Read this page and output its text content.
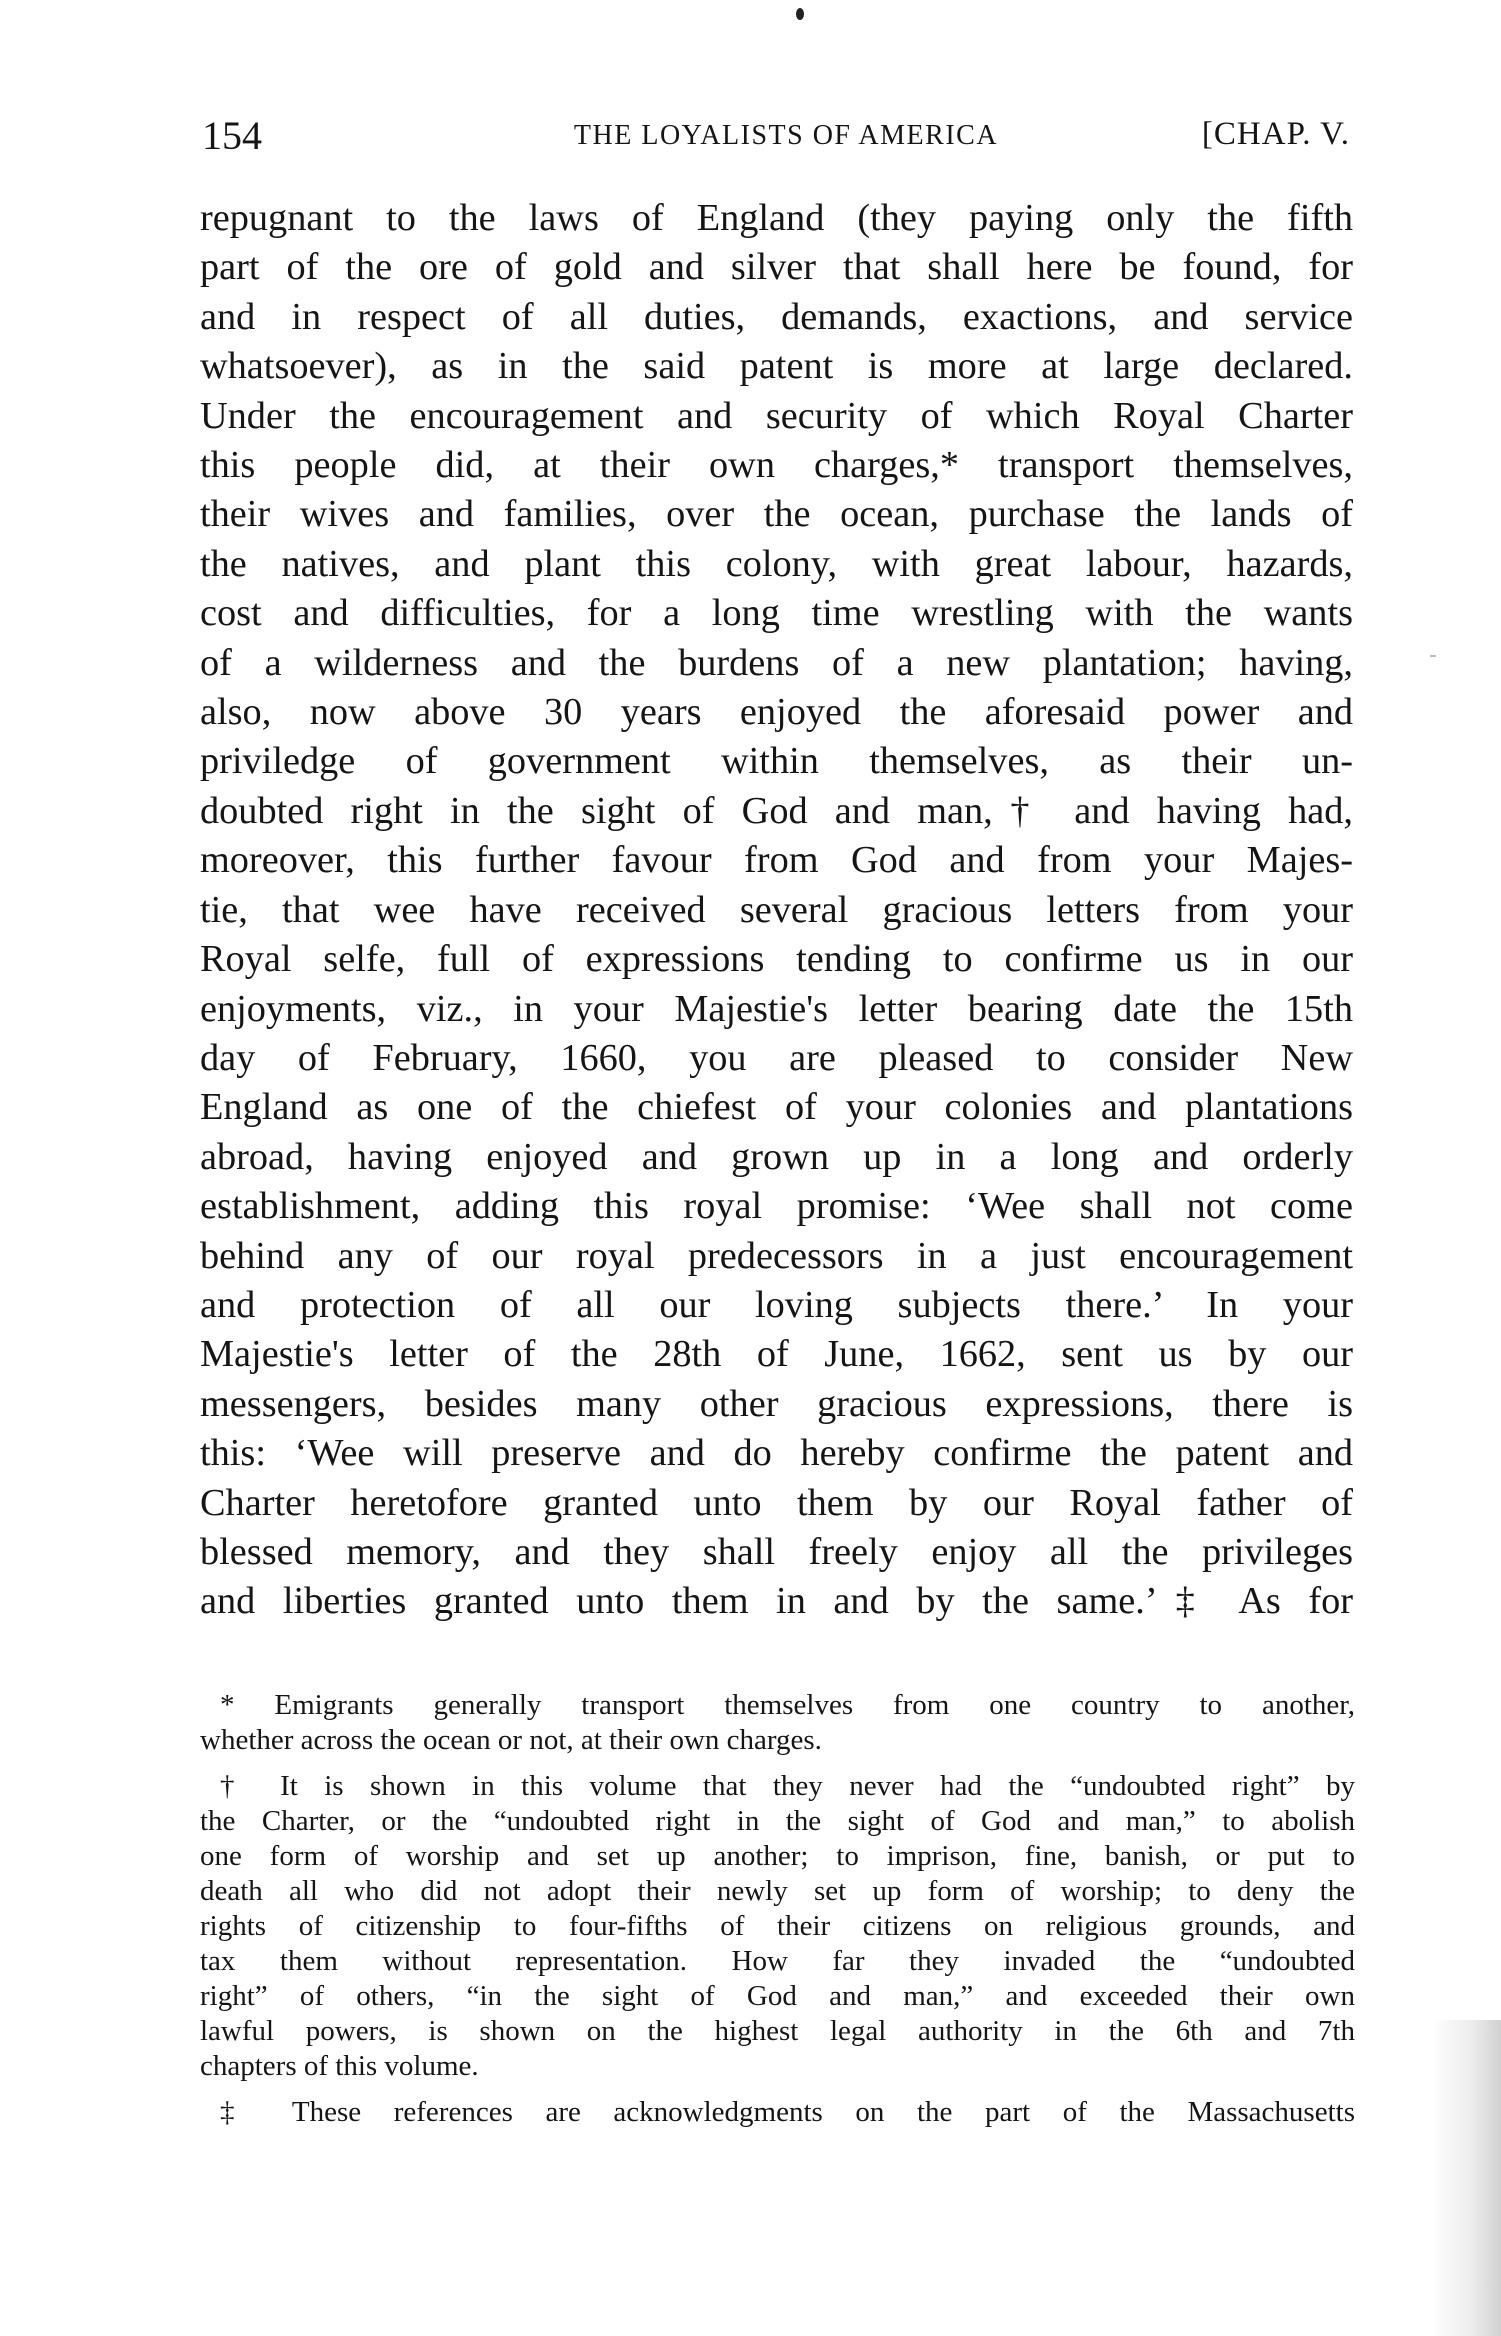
154	THE LOYALISTS OF AMERICA	[CHAP. V.

repugnant to the laws of England (they paying only the fifth
part of the ore of gold and silver that shall here be found, for
and in respect of all duties, demands, exactions, and service
whatsoever), as in the said patent is more at large declared.
Under the encouragement and security of which Royal Charter
this people did, at their own charges,* transport themselves,
their wives and families, over the ocean, purchase the lands of
the natives, and plant this colony, with great labour, hazards,
cost and difficulties, for a long time wrestling with the wants
of a wilderness and the burdens of a new plantation; having,
also, now above 30 years enjoyed the aforesaid power and
priviledge of government within themselves, as their un-
doubted right in the sight of God and man,† and having had,
moreover, this further favour from God and from your Majes-
tie, that wee have received several gracious letters from your
Royal selfe, full of expressions tending to confirme us in our
enjoyments, viz., in your Majestie's letter bearing date the 15th
day of February, 1660, you are pleased to consider New
England as one of the chiefest of your colonies and plantations
abroad, having enjoyed and grown up in a long and orderly
establishment, adding this royal promise: ‘Wee shall not come
behind any of our royal predecessors in a just encouragement
and protection of all our loving subjects there.’ In your
Majestie's letter of the 28th of June, 1662, sent us by our
messengers, besides many other gracious expressions, there is
this: ‘Wee will preserve and do hereby confirme the patent and
Charter heretofore granted unto them by our Royal father of
blessed memory, and they shall freely enjoy all the privileges
and liberties granted unto them in and by the same.’‡ As for

* Emigrants generally transport themselves from one country to another,
whether across the ocean or not, at their own charges.

† It is shown in this volume that they never had the “undoubted right” by
the Charter, or the “undoubted right in the sight of God and man,” to abolish
one form of worship and set up another; to imprison, fine, banish, or put to
death all who did not adopt their newly set up form of worship; to deny the
rights of citizenship to four-fifths of their citizens on religious grounds, and
tax them without representation. How far they invaded the “undoubted
right” of others, “in the sight of God and man,” and exceeded their own
lawful powers, is shown on the highest legal authority in the 6th and 7th
chapters of this volume.

‡ These references are acknowledgments on the part of the Massachusetts
